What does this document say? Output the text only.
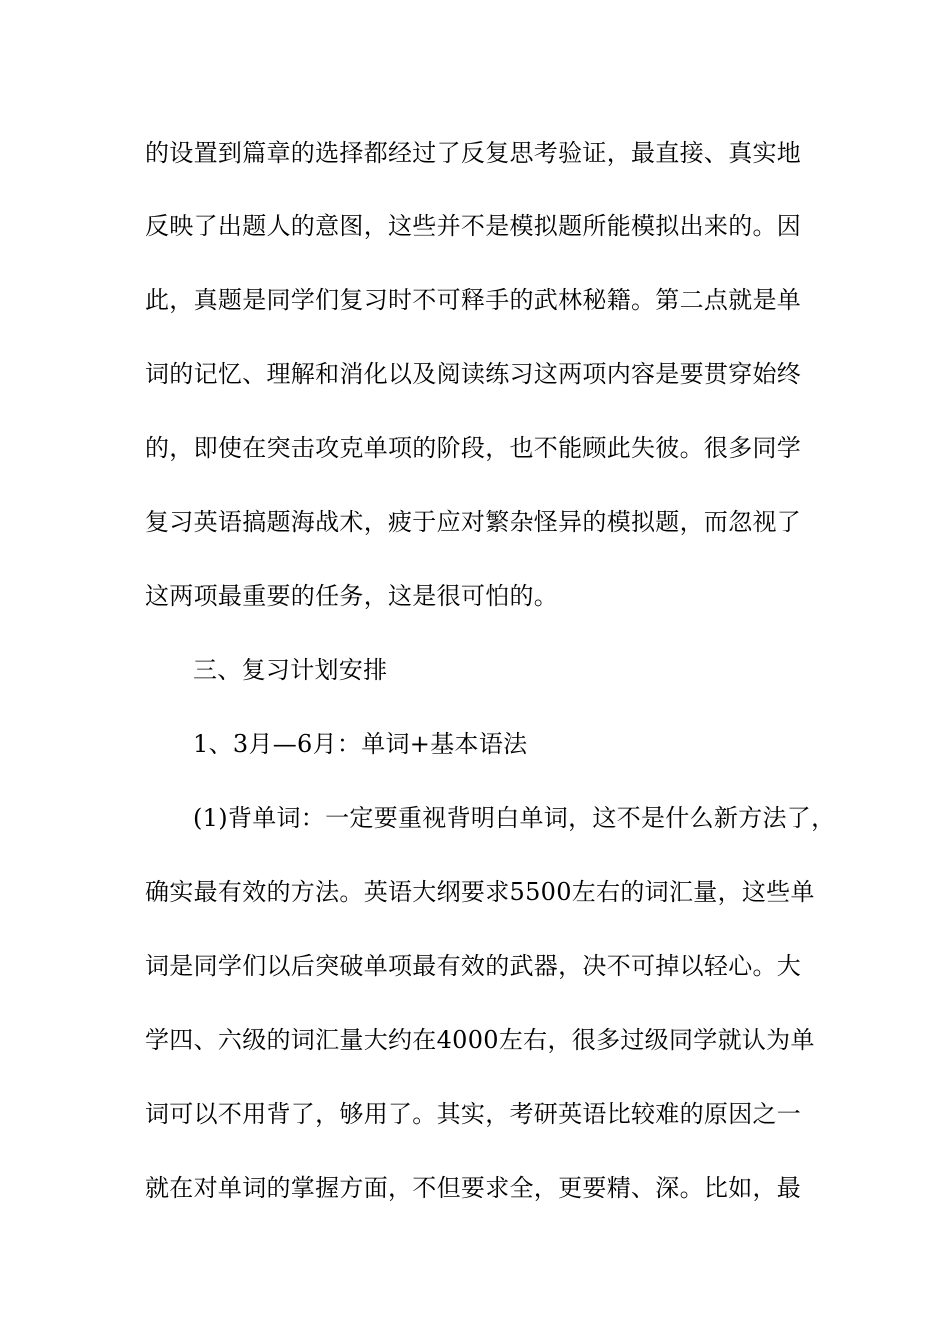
的设置到篇章的选择都经过了反复思考验证，最直接、真实地
反映了出题人的意图，这些并不是模拟题所能模拟出来的。因
此，真题是同学们复习时不可释手的武林秘籍。第二点就是单
词的记忆、理解和消化以及阅读练习这两项内容是要贯穿始终
的，即使在突击攻克单项的阶段，也不能顾此失彼。很多同学
复习英语搞题海战术，疲于应对繁杂怪异的模拟题，而忽视了
这两项最重要的任务，这是很可怕的。
三、复习计划安排
1、3月—6月：单词+基本语法
(1)背单词：一定要重视背明白单词，这不是什么新方法了，
确实最有效的方法。英语大纲要求5500左右的词汇量，这些单
词是同学们以后突破单项最有效的武器，决不可掉以轻心。大
学四、六级的词汇量大约在4000左右，很多过级同学就认为单
词可以不用背了，够用了。其实，考研英语比较难的原因之一
就在对单词的掌握方面，不但要求全，更要精、深。比如，最
